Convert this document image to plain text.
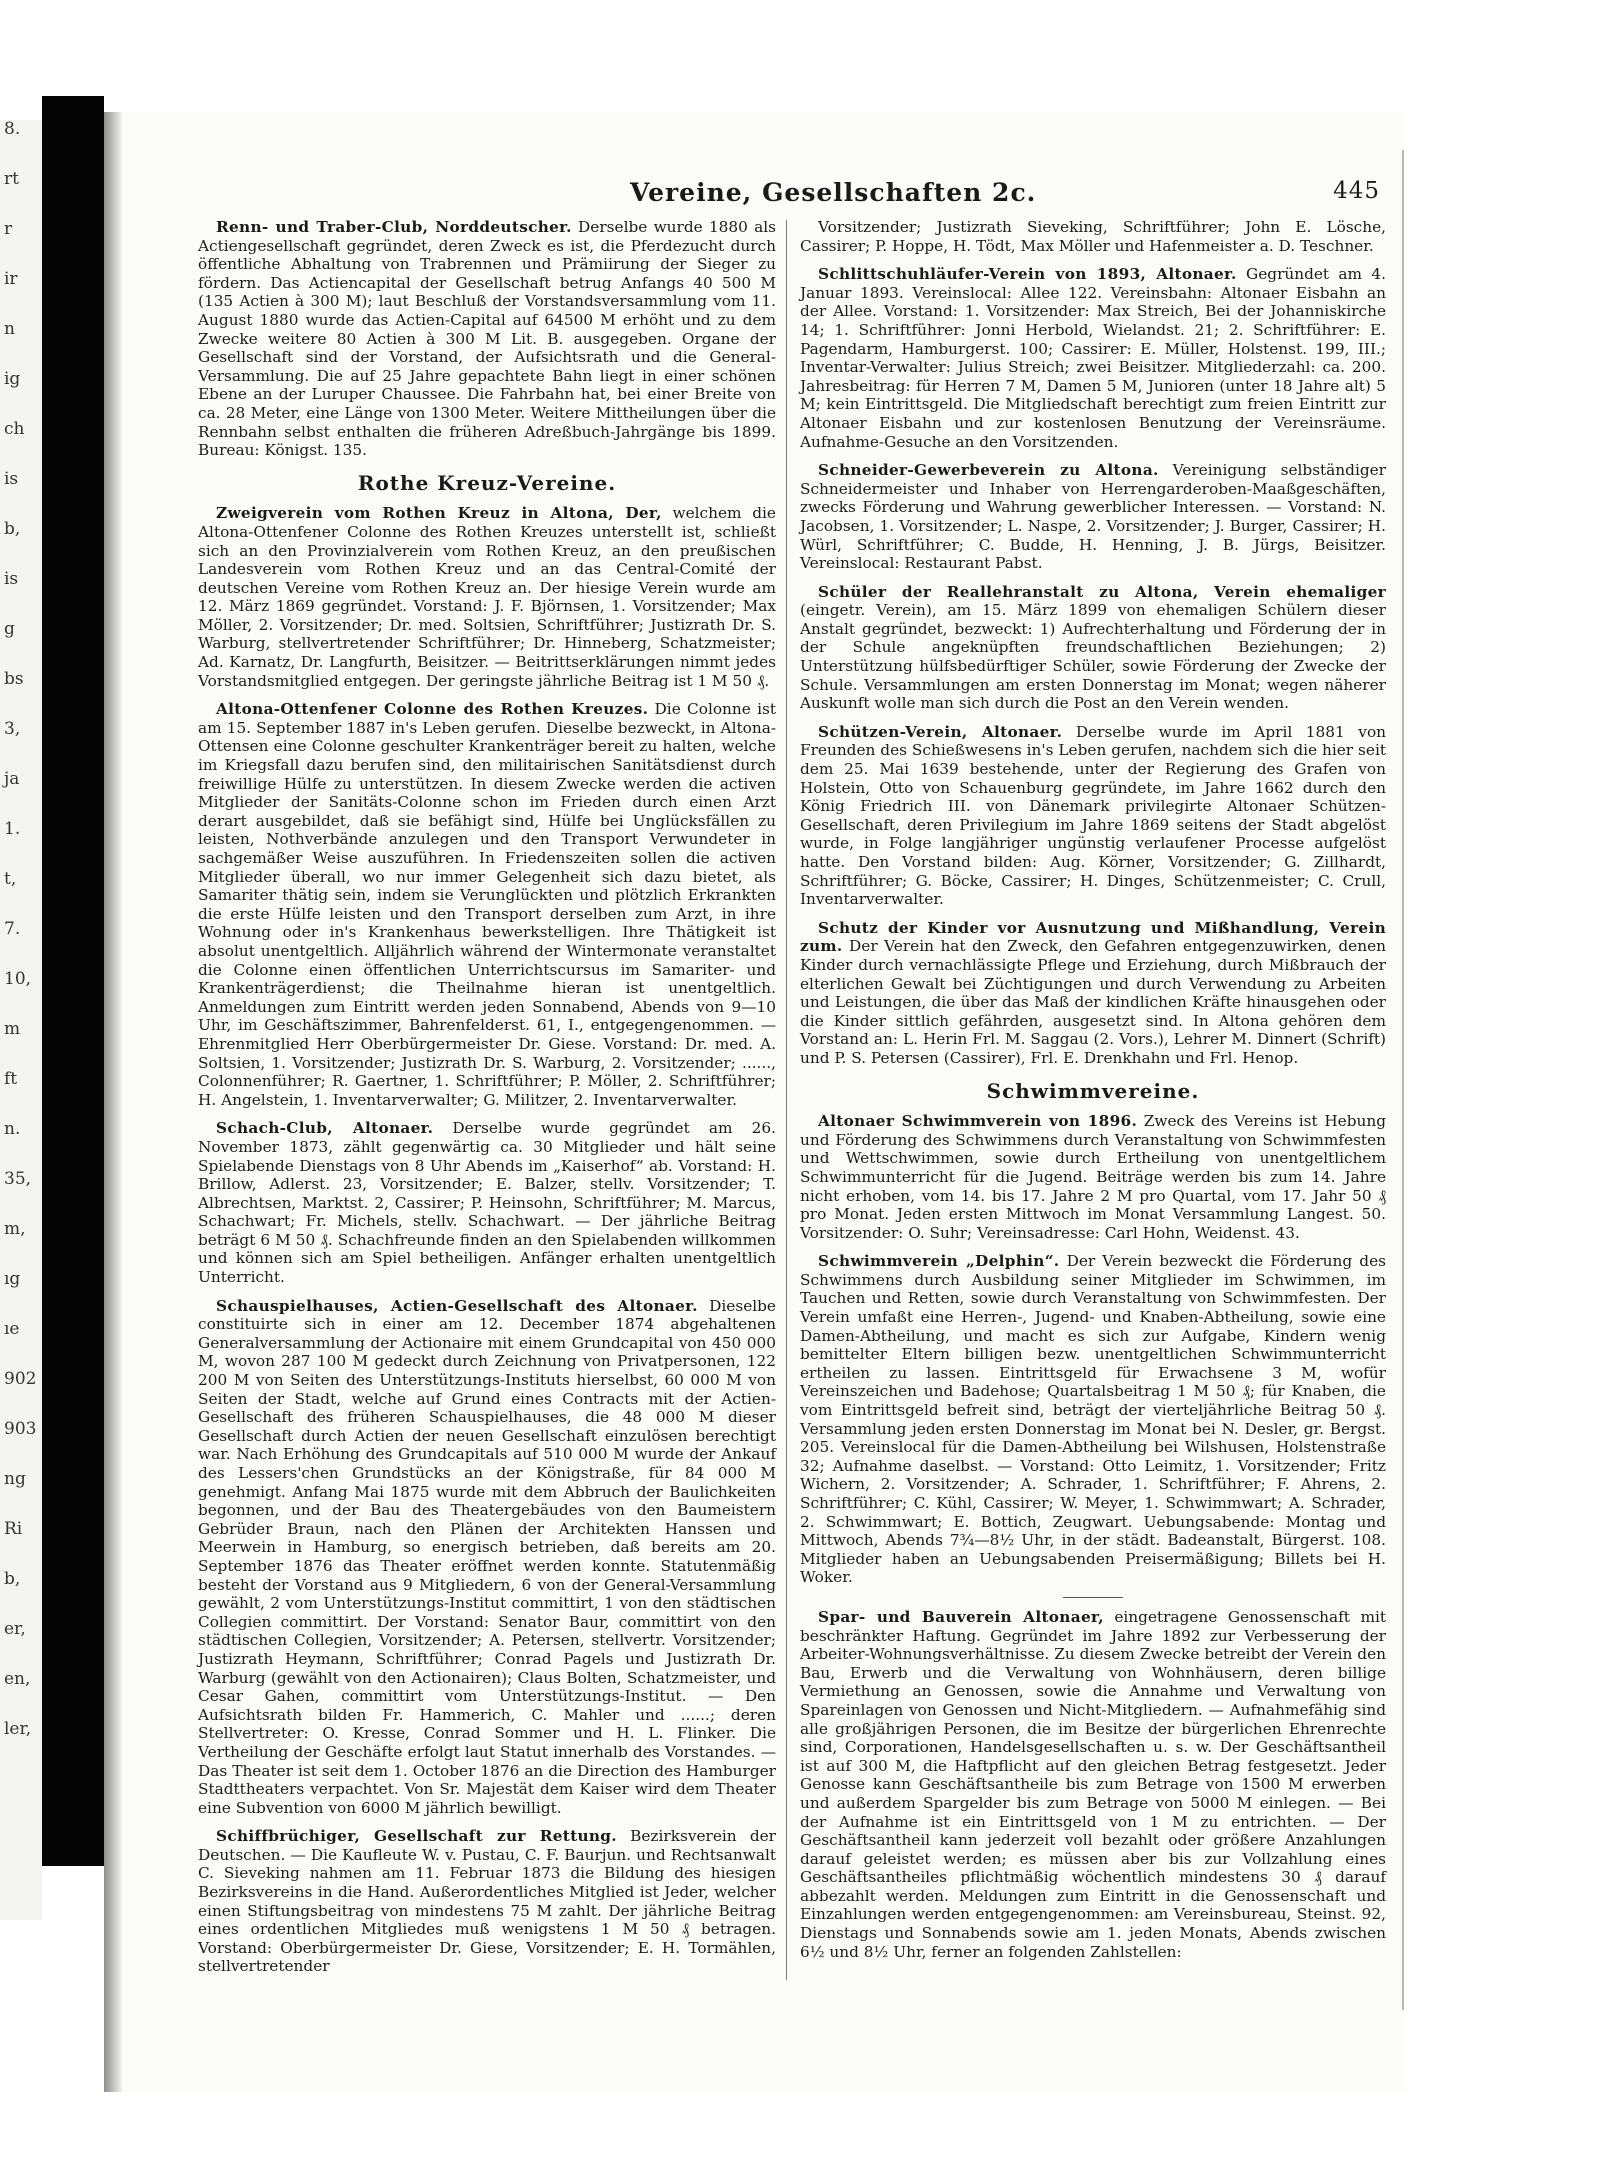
8.
rt
r
ir
n
ig
ch
is
b,
is
g
bs
3,
ja
1.
t,
7.
10,
m
ft
n.
35,
m,
ıg
ıe
902
903
ng
Ri
b,
er,
en,
ler,
Vereine, Gesellschaften 2c.	445

Renn- und Traber-Club, Norddeutscher. Derselbe wurde 1880 als Actiengesellschaft gegründet, deren Zweck es ist, die Pferdezucht durch öffentliche Abhaltung von Trabrennen und Prämiirung der Sieger zu fördern. Das Actiencapital der Gesellschaft betrug Anfangs 40 500 M (135 Actien à 300 M); laut Beschluß der Vorstandsversammlung vom 11. August 1880 wurde das Actien-Capital auf 64500 M erhöht und zu dem Zwecke weitere 80 Actien à 300 M Lit. B. ausgegeben. Organe der Gesellschaft sind der Vorstand, der Aufsichtsrath und die General-Versammlung. Die auf 25 Jahre gepachtete Bahn liegt in einer schönen Ebene an der Luruper Chaussee. Die Fahrbahn hat, bei einer Breite von ca. 28 Meter, eine Länge von 1300 Meter. Weitere Mittheilungen über die Rennbahn selbst enthalten die früheren Adreßbuch-Jahrgänge bis 1899. Bureau: Königst. 135.

Rothe Kreuz-Vereine.

Zweigverein vom Rothen Kreuz in Altona, Der, welchem die Altona-Ottenfener Colonne des Rothen Kreuzes unterstellt ist, schließt sich an den Provinzialverein vom Rothen Kreuz, an den preußischen Landesverein vom Rothen Kreuz und an das Central-Comité der deutschen Vereine vom Rothen Kreuz an. Der hiesige Verein wurde am 12. März 1869 gegründet. Vorstand: J. F. Björnsen, 1. Vorsitzender; Max Möller, 2. Vorsitzender; Dr. med. Soltsien, Schriftführer; Justizrath Dr. S. Warburg, stellvertretender Schriftführer; Dr. Hinneberg, Schatzmeister; Ad. Karnatz, Dr. Langfurth, Beisitzer. — Beitrittserklärungen nimmt jedes Vorstandsmitglied entgegen. Der geringste jährliche Beitrag ist 1 M 50 ₰.

Altona-Ottenfener Colonne des Rothen Kreuzes. Die Colonne ist am 15. September 1887 in's Leben gerufen. Dieselbe bezweckt, in Altona-Ottensen eine Colonne geschulter Krankenträger bereit zu halten, welche im Kriegsfall dazu berufen sind, den militairischen Sanitätsdienst durch freiwillige Hülfe zu unterstützen. In diesem Zwecke werden die activen Mitglieder der Sanitäts-Colonne schon im Frieden durch einen Arzt derart ausgebildet, daß sie befähigt sind, Hülfe bei Unglücksfällen zu leisten, Nothverbände anzulegen und den Transport Verwundeter in sachgemäßer Weise auszuführen. In Friedenszeiten sollen die activen Mitglieder überall, wo nur immer Gelegenheit sich dazu bietet, als Samariter thätig sein, indem sie Verunglückten und plötzlich Erkrankten die erste Hülfe leisten und den Transport derselben zum Arzt, in ihre Wohnung oder in's Krankenhaus bewerkstelligen. Ihre Thätigkeit ist absolut unentgeltlich. Alljährlich während der Wintermonate veranstaltet die Colonne einen öffentlichen Unterrichtscursus im Samariter- und Krankenträgerdienst; die Theilnahme hieran ist unentgeltlich. Anmeldungen zum Eintritt werden jeden Sonnabend, Abends von 9—10 Uhr, im Geschäftszimmer, Bahrenfelderst. 61, I., entgegengenommen. — Ehrenmitglied Herr Oberbürgermeister Dr. Giese. Vorstand: Dr. med. A. Soltsien, 1. Vorsitzender; Justizrath Dr. S. Warburg, 2. Vorsitzender; ......, Colonnenführer; R. Gaertner, 1. Schriftführer; P. Möller, 2. Schriftführer; H. Angelstein, 1. Inventarverwalter; G. Militzer, 2. Inventarverwalter.

Schach-Club, Altonaer. Derselbe wurde gegründet am 26. November 1873, zählt gegenwärtig ca. 30 Mitglieder und hält seine Spielabende Dienstags von 8 Uhr Abends im „Kaiserhof“ ab. Vorstand: H. Brillow, Adlerst. 23, Vorsitzender; E. Balzer, stellv. Vorsitzender; T. Albrechtsen, Marktst. 2, Cassirer; P. Heinsohn, Schriftführer; M. Marcus, Schachwart; Fr. Michels, stellv. Schachwart. — Der jährliche Beitrag beträgt 6 M 50 ₰. Schachfreunde finden an den Spielabenden willkommen und können sich am Spiel betheiligen. Anfänger erhalten unentgeltlich Unterricht.

Schauspielhauses, Actien-Gesellschaft des Altonaer. Dieselbe constituirte sich in einer am 12. December 1874 abgehaltenen Generalversammlung der Actionaire mit einem Grundcapital von 450 000 M, wovon 287 100 M gedeckt durch Zeichnung von Privatpersonen, 122 200 M von Seiten des Unterstützungs-Instituts hierselbst, 60 000 M von Seiten der Stadt, welche auf Grund eines Contracts mit der Actien-Gesellschaft des früheren Schauspielhauses, die 48 000 M dieser Gesellschaft durch Actien der neuen Gesellschaft einzulösen berechtigt war. Nach Erhöhung des Grundcapitals auf 510 000 M wurde der Ankauf des Lessers'chen Grundstücks an der Königstraße, für 84 000 M genehmigt. Anfang Mai 1875 wurde mit dem Abbruch der Baulichkeiten begonnen, und der Bau des Theatergebäudes von den Baumeistern Gebrüder Braun, nach den Plänen der Architekten Hanssen und Meerwein in Hamburg, so energisch betrieben, daß bereits am 20. September 1876 das Theater eröffnet werden konnte. Statutenmäßig besteht der Vorstand aus 9 Mitgliedern, 6 von der General-Versammlung gewählt, 2 vom Unterstützungs-Institut committirt, 1 von den städtischen Collegien committirt. Der Vorstand: Senator Baur, committirt von den städtischen Collegien, Vorsitzender; A. Petersen, stellvertr. Vorsitzender; Justizrath Heymann, Schriftführer; Conrad Pagels und Justizrath Dr. Warburg (gewählt von den Actionairen); Claus Bolten, Schatzmeister, und Cesar Gahen, committirt vom Unterstützungs-Institut. — Den Aufsichtsrath bilden Fr. Hammerich, C. Mahler und ......; deren Stellvertreter: O. Kresse, Conrad Sommer und H. L. Flinker. Die Vertheilung der Geschäfte erfolgt laut Statut innerhalb des Vorstandes. — Das Theater ist seit dem 1. October 1876 an die Direction des Hamburger Stadttheaters verpachtet. Von Sr. Majestät dem Kaiser wird dem Theater eine Subvention von 6000 M jährlich bewilligt.

Schiffbrüchiger, Gesellschaft zur Rettung. Bezirksverein der Deutschen. — Die Kaufleute W. v. Pustau, C. F. Baurjun. und Rechtsanwalt C. Sieveking nahmen am 11. Februar 1873 die Bildung des hiesigen Bezirksvereins in die Hand. Außerordentliches Mitglied ist Jeder, welcher einen Stiftungsbeitrag von mindestens 75 M zahlt. Der jährliche Beitrag eines ordentlichen Mitgliedes muß wenigstens 1 M 50 ₰ betragen. Vorstand: Oberbürgermeister Dr. Giese, Vorsitzender; E. H. Tormählen, stellvertretender

Vorsitzender; Justizrath Sieveking, Schriftführer; John E. Lösche, Cassirer; P. Hoppe, H. Tödt, Max Möller und Hafenmeister a. D. Teschner.

Schlittschuhläufer-Verein von 1893, Altonaer. Gegründet am 4. Januar 1893. Vereinslocal: Allee 122. Vereinsbahn: Altonaer Eisbahn an der Allee. Vorstand: 1. Vorsitzender: Max Streich, Bei der Johanniskirche 14; 1. Schriftführer: Jonni Herbold, Wielandst. 21; 2. Schriftführer: E. Pagendarm, Hamburgerst. 100; Cassirer: E. Müller, Holstenst. 199, III.; Inventar-Verwalter: Julius Streich; zwei Beisitzer. Mitgliederzahl: ca. 200. Jahresbeitrag: für Herren 7 M, Damen 5 M, Junioren (unter 18 Jahre alt) 5 M; kein Eintrittsgeld. Die Mitgliedschaft berechtigt zum freien Eintritt zur Altonaer Eisbahn und zur kostenlosen Benutzung der Vereinsräume. Aufnahme-Gesuche an den Vorsitzenden.

Schneider-Gewerbeverein zu Altona. Vereinigung selbständiger Schneidermeister und Inhaber von Herrengarderoben-Maaßgeschäften, zwecks Förderung und Wahrung gewerblicher Interessen. — Vorstand: N. Jacobsen, 1. Vorsitzender; L. Naspe, 2. Vorsitzender; J. Burger, Cassirer; H. Würl, Schriftführer; C. Budde, H. Henning, J. B. Jürgs, Beisitzer. Vereinslocal: Restaurant Pabst.

Schüler der Reallehranstalt zu Altona, Verein ehemaliger (eingetr. Verein), am 15. März 1899 von ehemaligen Schülern dieser Anstalt gegründet, bezweckt: 1) Aufrechterhaltung und Förderung der in der Schule angeknüpften freundschaftlichen Beziehungen; 2) Unterstützung hülfsbedürftiger Schüler, sowie Förderung der Zwecke der Schule. Versammlungen am ersten Donnerstag im Monat; wegen näherer Auskunft wolle man sich durch die Post an den Verein wenden.

Schützen-Verein, Altonaer. Derselbe wurde im April 1881 von Freunden des Schießwesens in's Leben gerufen, nachdem sich die hier seit dem 25. Mai 1639 bestehende, unter der Regierung des Grafen von Holstein, Otto von Schauenburg gegründete, im Jahre 1662 durch den König Friedrich III. von Dänemark privilegirte Altonaer Schützen-Gesellschaft, deren Privilegium im Jahre 1869 seitens der Stadt abgelöst wurde, in Folge langjähriger ungünstig verlaufener Processe aufgelöst hatte. Den Vorstand bilden: Aug. Körner, Vorsitzender; G. Zillhardt, Schriftführer; G. Böcke, Cassirer; H. Dinges, Schützenmeister; C. Crull, Inventarverwalter.

Schutz der Kinder vor Ausnutzung und Mißhandlung, Verein zum. Der Verein hat den Zweck, den Gefahren entgegenzuwirken, denen Kinder durch vernachlässigte Pflege und Erziehung, durch Mißbrauch der elterlichen Gewalt bei Züchtigungen und durch Verwendung zu Arbeiten und Leistungen, die über das Maß der kindlichen Kräfte hinausgehen oder die Kinder sittlich gefährden, ausgesetzt sind. In Altona gehören dem Vorstand an: L. Herin Frl. M. Saggau (2. Vors.), Lehrer M. Dinnert (Schrift) und P. S. Petersen (Cassirer), Frl. E. Drenkhahn und Frl. Henop.

Schwimmvereine.

Altonaer Schwimmverein von 1896. Zweck des Vereins ist Hebung und Förderung des Schwimmens durch Veranstaltung von Schwimmfesten und Wettschwimmen, sowie durch Ertheilung von unentgeltlichem Schwimmunterricht für die Jugend. Beiträge werden bis zum 14. Jahre nicht erhoben, vom 14. bis 17. Jahre 2 M pro Quartal, vom 17. Jahr 50 ₰ pro Monat. Jeden ersten Mittwoch im Monat Versammlung Langest. 50. Vorsitzender: O. Suhr; Vereinsadresse: Carl Hohn, Weidenst. 43.

Schwimmverein „Delphin“. Der Verein bezweckt die Förderung des Schwimmens durch Ausbildung seiner Mitglieder im Schwimmen, im Tauchen und Retten, sowie durch Veranstaltung von Schwimmfesten. Der Verein umfaßt eine Herren-, Jugend- und Knaben-Abtheilung, sowie eine Damen-Abtheilung, und macht es sich zur Aufgabe, Kindern wenig bemittelter Eltern billigen bezw. unentgeltlichen Schwimmunterricht ertheilen zu lassen. Eintrittsgeld für Erwachsene 3 M, wofür Vereinszeichen und Badehose; Quartalsbeitrag 1 M 50 ₰; für Knaben, die vom Eintrittsgeld befreit sind, beträgt der vierteljährliche Beitrag 50 ₰. Versammlung jeden ersten Donnerstag im Monat bei N. Desler, gr. Bergst. 205. Vereinslocal für die Damen-Abtheilung bei Wilshusen, Holstenstraße 32; Aufnahme daselbst. — Vorstand: Otto Leimitz, 1. Vorsitzender; Fritz Wichern, 2. Vorsitzender; A. Schrader, 1. Schriftführer; F. Ahrens, 2. Schriftführer; C. Kühl, Cassirer; W. Meyer, 1. Schwimmwart; A. Schrader, 2. Schwimmwart; E. Bottich, Zeugwart. Uebungsabende: Montag und Mittwoch, Abends 7¾—8½ Uhr, in der städt. Badeanstalt, Bürgerst. 108. Mitglieder haben an Uebungsabenden Preisermäßigung; Billets bei H. Woker.

Spar- und Bauverein Altonaer, eingetragene Genossenschaft mit beschränkter Haftung. Gegründet im Jahre 1892 zur Verbesserung der Arbeiter-Wohnungsverhältnisse. Zu diesem Zwecke betreibt der Verein den Bau, Erwerb und die Verwaltung von Wohnhäusern, deren billige Vermiethung an Genossen, sowie die Annahme und Verwaltung von Spareinlagen von Genossen und Nicht-Mitgliedern. — Aufnahmefähig sind alle großjährigen Personen, die im Besitze der bürgerlichen Ehrenrechte sind, Corporationen, Handelsgesellschaften u. s. w. Der Geschäftsantheil ist auf 300 M, die Haftpflicht auf den gleichen Betrag festgesetzt. Jeder Genosse kann Geschäftsantheile bis zum Betrage von 1500 M erwerben und außerdem Spargelder bis zum Betrage von 5000 M einlegen. — Bei der Aufnahme ist ein Eintrittsgeld von 1 M zu entrichten. — Der Geschäftsantheil kann jederzeit voll bezahlt oder größere Anzahlungen darauf geleistet werden; es müssen aber bis zur Vollzahlung eines Geschäftsantheiles pflichtmäßig wöchentlich mindestens 30 ₰ darauf abbezahlt werden. Meldungen zum Eintritt in die Genossenschaft und Einzahlungen werden entgegengenommen: am Vereinsbureau, Steinst. 92, Dienstags und Sonnabends sowie am 1. jeden Monats, Abends zwischen 6½ und 8½ Uhr, ferner an folgenden Zahlstellen:
